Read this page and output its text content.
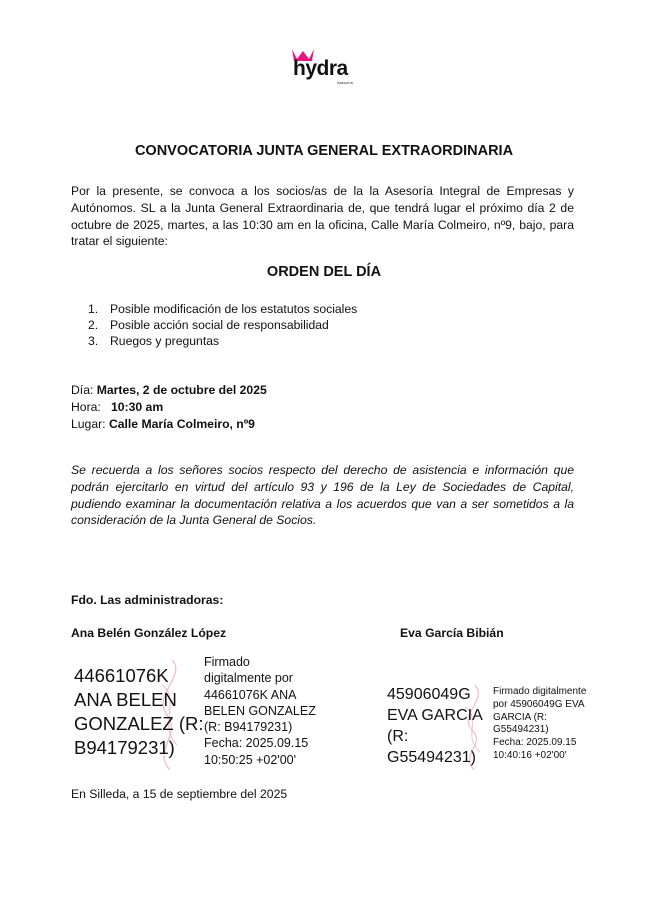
hydra
Asesoría
CONVOCATORIA JUNTA GENERAL EXTRAORDINARIA
Por la presente, se convoca a los socios/as de la la Asesoría Integral de Empresas y Autónomos. SL a la Junta General Extraordinaria de, que tendrá lugar el próximo día 2 de octubre de 2025, martes, a las 10:30 am en la oficina, Calle María Colmeiro, nº9, bajo, para tratar el siguiente:
ORDEN DEL DÍA
1. Posible modificación de los estatutos sociales
2. Posible acción social de responsabilidad
3. Ruegos y preguntas
Día: Martes, 2 de octubre del 2025
Hora: 10:30 am
Lugar: Calle María Colmeiro, nº9
Se recuerda a los señores socios respecto del derecho de asistencia e información que podrán ejercitarlo en virtud del artículo 93 y 196 de la Ley de Sociedades de Capital, pudiendo examinar la documentación relativa a los acuerdos que van a ser sometidos a la consideración de la Junta General de Socios.
Fdo. Las administradoras:
Ana Belén González López	Eva García Bibián
44661076K
ANA BELEN
GONZALEZ (R:
B94179231)
Firmado
digitalmente por
44661076K ANA
BELEN GONZALEZ
(R: B94179231)
Fecha: 2025.09.15
10:50:25 +02'00'
45906049G
EVA GARCIA
(R:
G55494231)
Firmado digitalmente
por 45906049G EVA
GARCIA (R:
G55494231)
Fecha: 2025.09.15
10:40:16 +02'00'
En Silleda, a 15 de septiembre del 2025
